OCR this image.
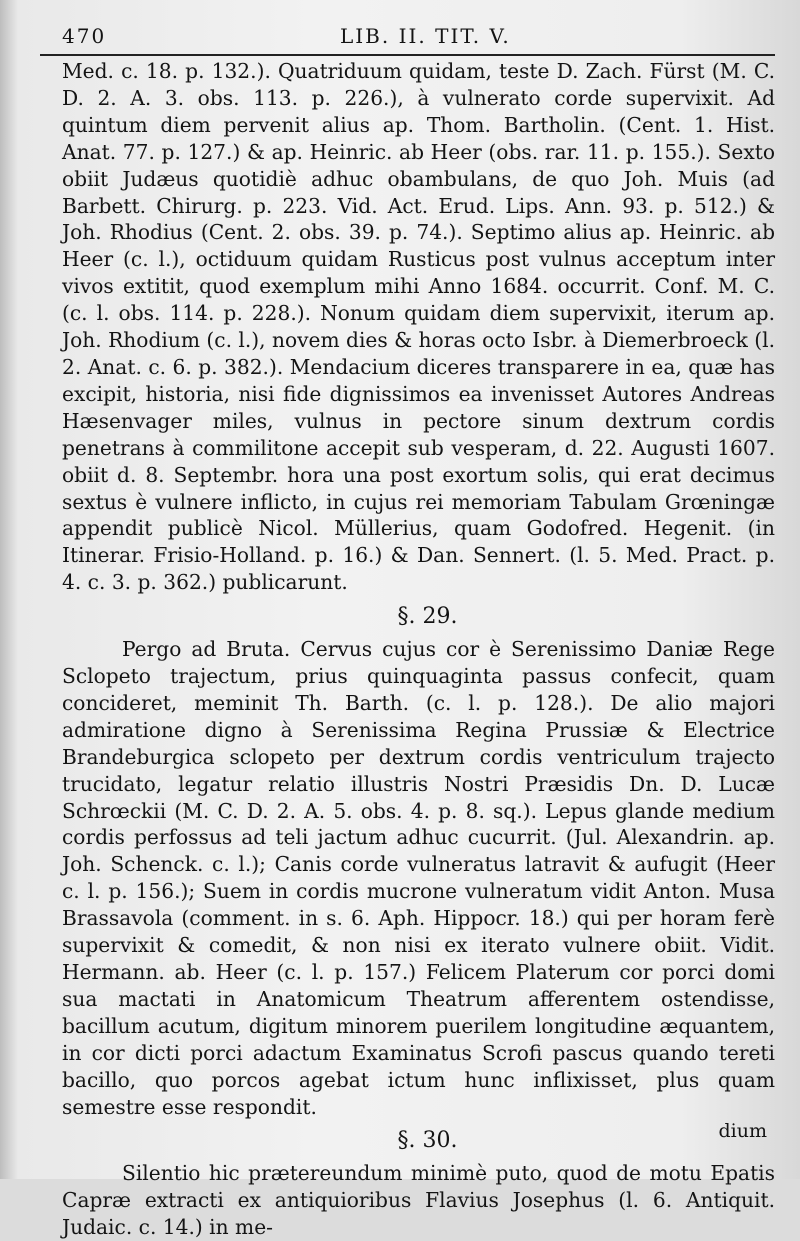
470	LIB. II. TIT. V.

Med. c. 18. p. 132.). Quatriduum quidam, teste D. Zach. Fürst (M. C. D. 2. A. 3. obs. 113. p. 226.), à vulnerato corde supervixit. Ad quintum diem pervenit alius ap. Thom. Bartholin. (Cent. 1. Hist. Anat. 77. p. 127.) & ap. Heinric. ab Heer (obs. rar. 11. p. 155.). Sexto obiit Judæus quotidiè adhuc obambulans, de quo Joh. Muis (ad Barbett. Chirurg. p. 223. Vid. Act. Erud. Lips. Ann. 93. p. 512.) & Joh. Rhodius (Cent. 2. obs. 39. p. 74.). Septimo alius ap. Heinric. ab Heer (c. l.), octiduum quidam Rusticus post vulnus acceptum inter vivos extitit, quod exemplum mihi Anno 1684. occurrit. Conf. M. C. (c. l. obs. 114. p. 228.). Nonum quidam diem supervixit, iterum ap. Joh. Rhodium (c. l.), novem dies & horas octo Isbr. à Diemerbroeck (l. 2. Anat. c. 6. p. 382.). Mendacium diceres transparere in ea, quæ has excipit, historia, nisi fide dignissimos ea invenisset Autores Andreas Hæsenvager miles, vulnus in pectore sinum dextrum cordis penetrans à commilitone accepit sub vesperam, d. 22. Augusti 1607. obiit d. 8. Septembr. hora una post exortum solis, qui erat decimus sextus è vulnere inflicto, in cujus rei memoriam Tabulam Grœningæ appendit publicè Nicol. Müllerius, quam Godofred. Hegenit. (in Itinerar. Frisio-Holland. p. 16.) & Dan. Sennert. (l. 5. Med. Pract. p. 4. c. 3. p. 362.) publicarunt.

§. 29.

Pergo ad Bruta. Cervus cujus cor è Serenissimo Daniæ Rege Sclopeto trajectum, prius quinquaginta passus confecit, quam concideret, meminit Th. Barth. (c. l. p. 128.). De alio majori admiratione digno à Serenissima Regina Prussiæ & Electrice Brandeburgica sclopeto per dextrum cordis ventriculum trajecto trucidato, legatur relatio illustris Nostri Præsidis Dn. D. Lucæ Schrœckii (M. C. D. 2. A. 5. obs. 4. p. 8. sq.). Lepus glande medium cordis perfossus ad teli jactum adhuc cucurrit. (Jul. Alexandrin. ap. Joh. Schenck. c. l.); Canis corde vulneratus latravit & aufugit (Heer c. l. p. 156.); Suem in cordis mucrone vulneratum vidit Anton. Musa Brassavola (comment. in s. 6. Aph. Hippocr. 18.) qui per horam ferè supervixit & comedit, & non nisi ex iterato vulnere obiit. Vidit. Hermann. ab. Heer (c. l. p. 157.) Felicem Platerum cor porci domi sua mactati in Anatomicum Theatrum afferentem ostendisse, bacillum acutum, digitum minorem puerilem longitudine æquantem, in cor dicti porci adactum Examinatus Scrofi pascus quando tereti bacillo, quo porcos agebat ictum hunc inflixisset, plus quam semestre esse respondit.

§. 30.

Silentio hic prætereundum minimè puto, quod de motu Epatis Capræ extracti ex antiquioribus Flavius Josephus (l. 6. Antiquit. Judaic. c. 14.) in me-

dium
